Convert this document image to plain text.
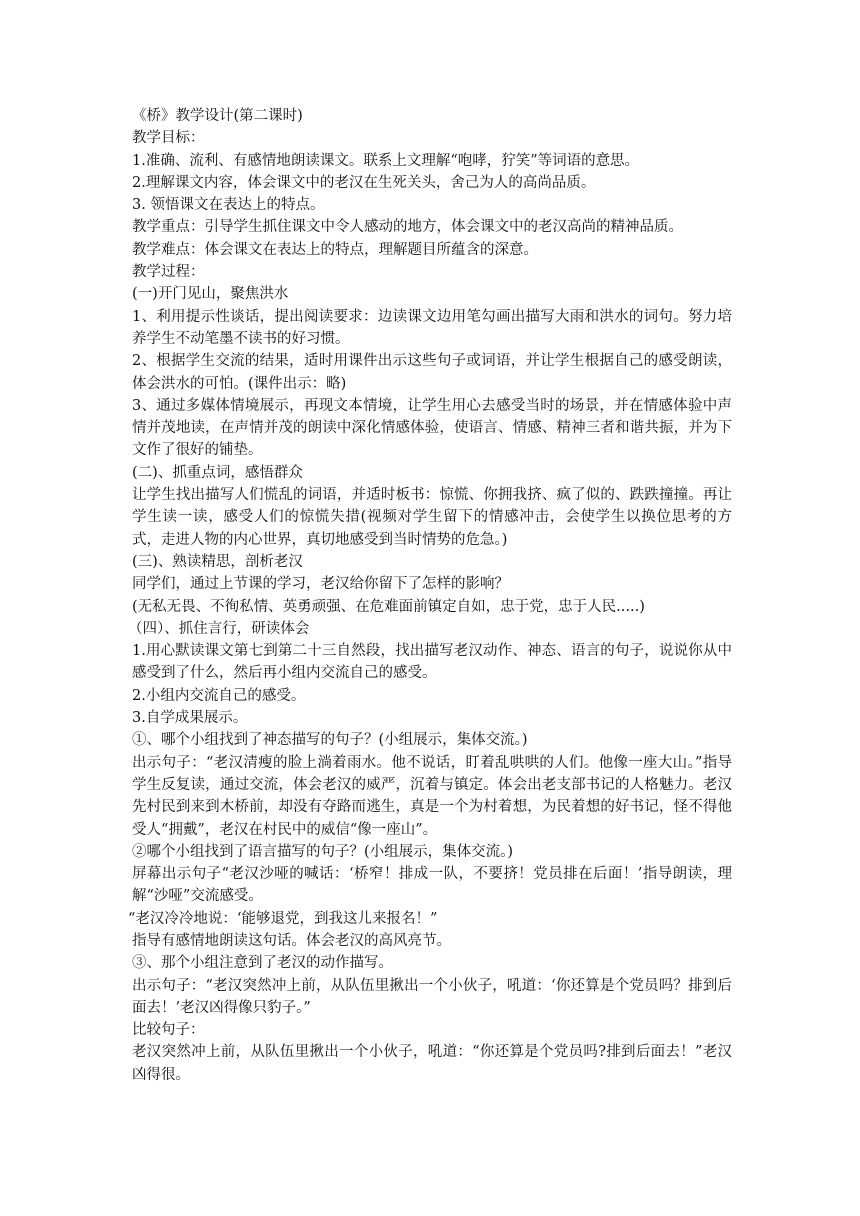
《桥》教学设计(第二课时)

教学目标：

1.准确、流利、有感情地朗读课文。联系上文理解“咆哮，狞笑”等词语的意思。

2.理解课文内容，体会课文中的老汉在生死关头，舍己为人的高尚品质。

3. 领悟课文在表达上的特点。

教学重点：引导学生抓住课文中令人感动的地方，体会课文中的老汉高尚的精神品质。

教学难点：体会课文在表达上的特点，理解题目所蕴含的深意。

教学过程：

(一)开门见山，聚焦洪水

1、利用提示性谈话，提出阅读要求：边读课文边用笔勾画出描写大雨和洪水的词句。努力培养学生不动笔墨不读书的好习惯。

2、根据学生交流的结果，适时用课件出示这些句子或词语，并让学生根据自己的感受朗读，体会洪水的可怕。(课件出示：略)

3、通过多媒体情境展示，再现文本情境，让学生用心去感受当时的场景，并在情感体验中声情并茂地读，在声情并茂的朗读中深化情感体验，使语言、情感、精神三者和谐共振，并为下文作了很好的铺垫。

(二)、抓重点词，感悟群众

让学生找出描写人们慌乱的词语，并适时板书：惊慌、你拥我挤、疯了似的、跌跌撞撞。再让学生读一读，感受人们的惊慌失措(视频对学生留下的情感冲击，会使学生以换位思考的方式，走进人物的内心世界，真切地感受到当时情势的危急。)

(三)、熟读精思，剖析老汉

同学们，通过上节课的学习，老汉给你留下了怎样的影响？

(无私无畏、不徇私情、英勇顽强、在危难面前镇定自如，忠于党，忠于人民.....)

（四）、抓住言行，研读体会

1.用心默读课文第七到第二十三自然段，找出描写老汉动作、神态、语言的句子，说说你从中感受到了什么，然后再小组内交流自己的感受。

2.小组内交流自己的感受。

3.自学成果展示。

①、哪个小组找到了神态描写的句子？(小组展示，集体交流。)

出示句子：“老汉清瘦的脸上淌着雨水。他不说话，盯着乱哄哄的人们。他像一座大山。”指导学生反复读，通过交流，体会老汉的威严，沉着与镇定。体会出老支部书记的人格魅力。老汉先村民到来到木桥前，却没有夺路而逃生，真是一个为村着想，为民着想的好书记，怪不得他受人“拥戴”，老汉在村民中的威信“像一座山”。

②哪个小组找到了语言描写的句子？(小组展示，集体交流。)

屏幕出示句子“老汉沙哑的喊话：‘桥窄！排成一队，不要挤！党员排在后面！’指导朗读，理解“沙哑”交流感受。

“老汉冷冷地说：‘能够退党，到我这儿来报名！”

指导有感情地朗读这句话。体会老汉的高风亮节。

③、那个小组注意到了老汉的动作描写。

出示句子：“老汉突然冲上前，从队伍里揪出一个小伙子，吼道：‘你还算是个党员吗？排到后面去！’老汉凶得像只豹子。”

比较句子：

老汉突然冲上前，从队伍里揪出一个小伙子，吼道：“你还算是个党员吗?排到后面去！”老汉凶得很。
